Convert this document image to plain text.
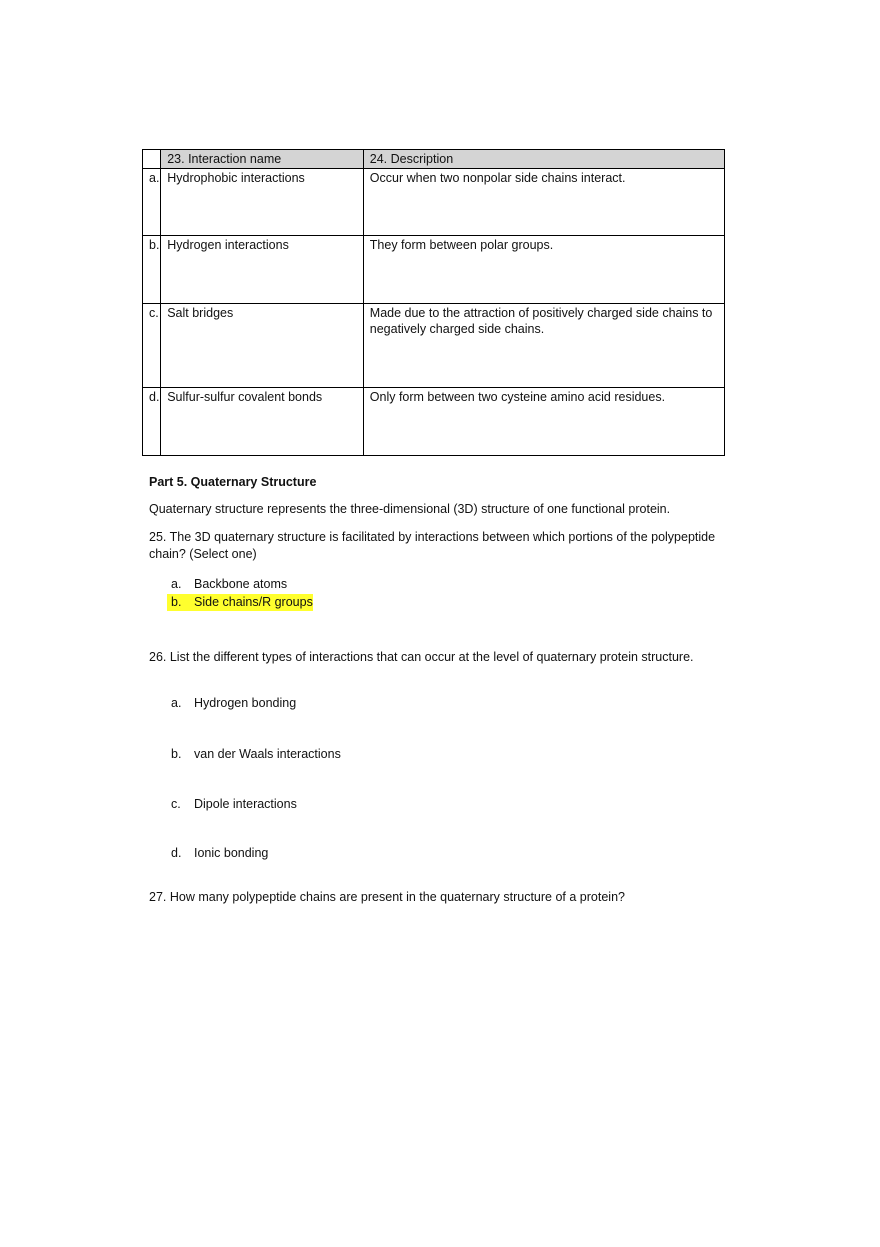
	23. Interaction name	24. Description
a.	Hydrophobic interactions	Occur when two nonpolar side chains interact.
b.	Hydrogen interactions	They form between polar groups.
c.	Salt bridges	Made due to the attraction of positively charged side chains to negatively charged side chains.
d.	Sulfur-sulfur covalent bonds	Only form between two cysteine amino acid residues.

Part 5. Quaternary Structure

Quaternary structure represents the three-dimensional (3D) structure of one functional protein.

25. The 3D quaternary structure is facilitated by interactions between which portions of the polypeptide chain? (Select one)

a.	Backbone atoms
b.	Side chains/R groups

26. List the different types of interactions that can occur at the level of quaternary protein structure.

a.	Hydrogen bonding
b.	van der Waals interactions
c.	Dipole interactions
d.	Ionic bonding

27. How many polypeptide chains are present in the quaternary structure of a protein?
